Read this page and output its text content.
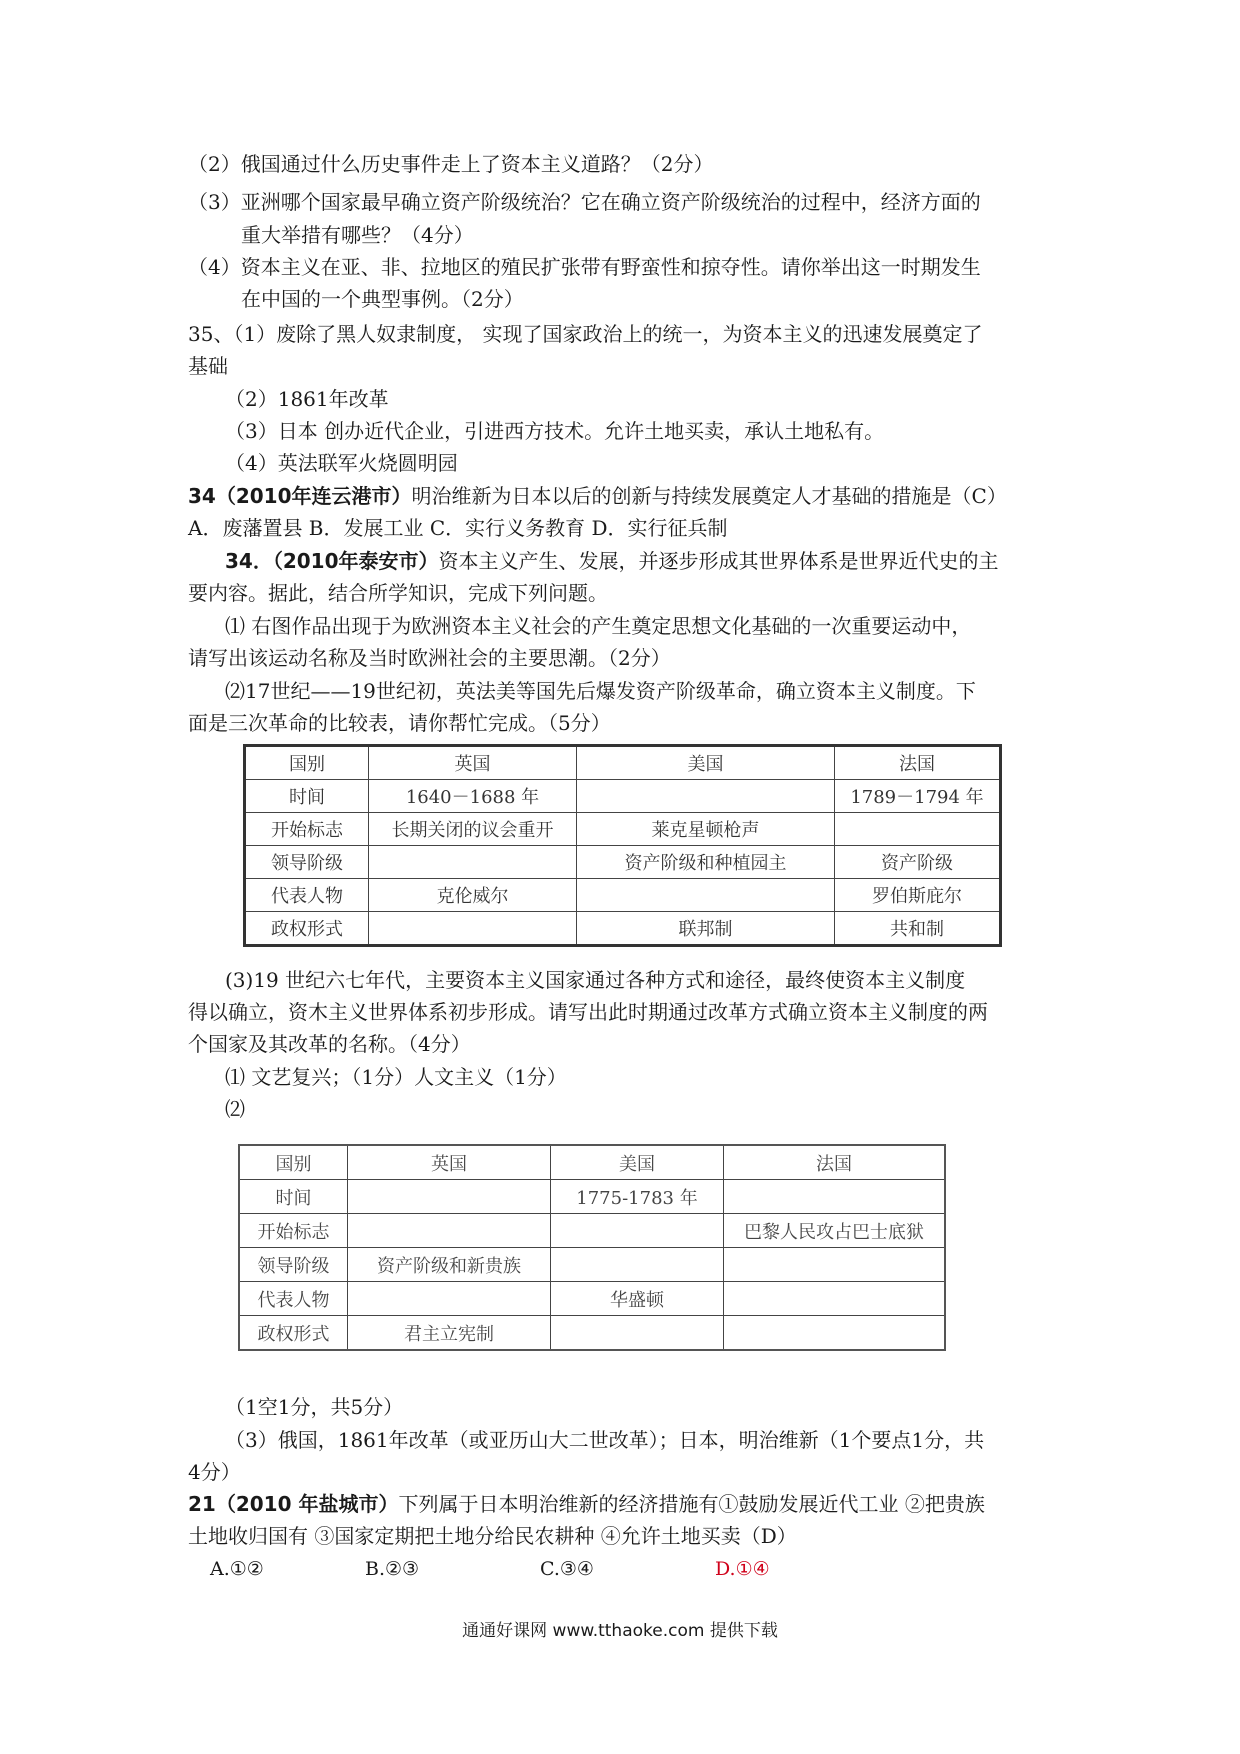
（2）俄国通过什么历史事件走上了资本主义道路？（2分）
（3）亚洲哪个国家最早确立资产阶级统治？它在确立资产阶级统治的过程中，经济方面的
重大举措有哪些？（4分）
（4）资本主义在亚、非、拉地区的殖民扩张带有野蛮性和掠夺性。请你举出这一时期发生
在中国的一个典型事例。（2分）
35、（1）废除了黑人奴隶制度， 实现了国家政治上的统一，为资本主义的迅速发展奠定了
基础
（2）1861年改革
（3）日本 创办近代企业，引进西方技术。允许土地买卖，承认土地私有。
（4）英法联军火烧圆明园
34（2010年连云港市）明治维新为日本以后的创新与持续发展奠定人才基础的措施是（C）
A．废藩置县 B．发展工业 C．实行义务教育 D．实行征兵制
34．（2010年泰安市）资本主义产生、发展，并逐步形成其世界体系是世界近代史的主
要内容。据此，结合所学知识，完成下列问题。
⑴ 右图作品出现于为欧洲资本主义社会的产生奠定思想文化基础的一次重要运动中，
请写出该运动名称及当时欧洲社会的主要思潮。（2分）
⑵17世纪——19世纪初，英法美等国先后爆发资产阶级革命，确立资本主义制度。下
面是三次革命的比较表，请你帮忙完成。（5分）
国别	英国	美国	法国
时间	1640－1688 年		1789－1794 年
开始标志	长期关闭的议会重开	莱克星顿枪声	
领导阶级		资产阶级和种植园主	资产阶级
代表人物	克伦威尔		罗伯斯庇尔
政权形式		联邦制	共和制
(3)19 世纪六七年代，主要资本主义国家通过各种方式和途径，最终使资本主义制度
得以确立，资木主义世界体系初步形成。请写出此时期通过改革方式确立资本主义制度的两
个国家及其改革的名称。（4分）
⑴ 文艺复兴；（1分）人文主义（1分）
⑵
国别	英国	美国	法国
时间		1775-1783 年	
开始标志			巴黎人民攻占巴士底狱
领导阶级	资产阶级和新贵族		
代表人物		华盛顿	
政权形式	君主立宪制		
（1空1分，共5分）
（3）俄国，1861年改革（或亚历山大二世改革）；日本，明治维新（1个要点1分，共
4分）
21（2010 年盐城市）下列属于日本明治维新的经济措施有①鼓励发展近代工业 ②把贵族
土地收归国有 ③国家定期把土地分给民农耕种 ④允许土地买卖（D）
A.①②	B.②③	C.③④	D.①④
通通好课网 www.tthaoke.com 提供下载
